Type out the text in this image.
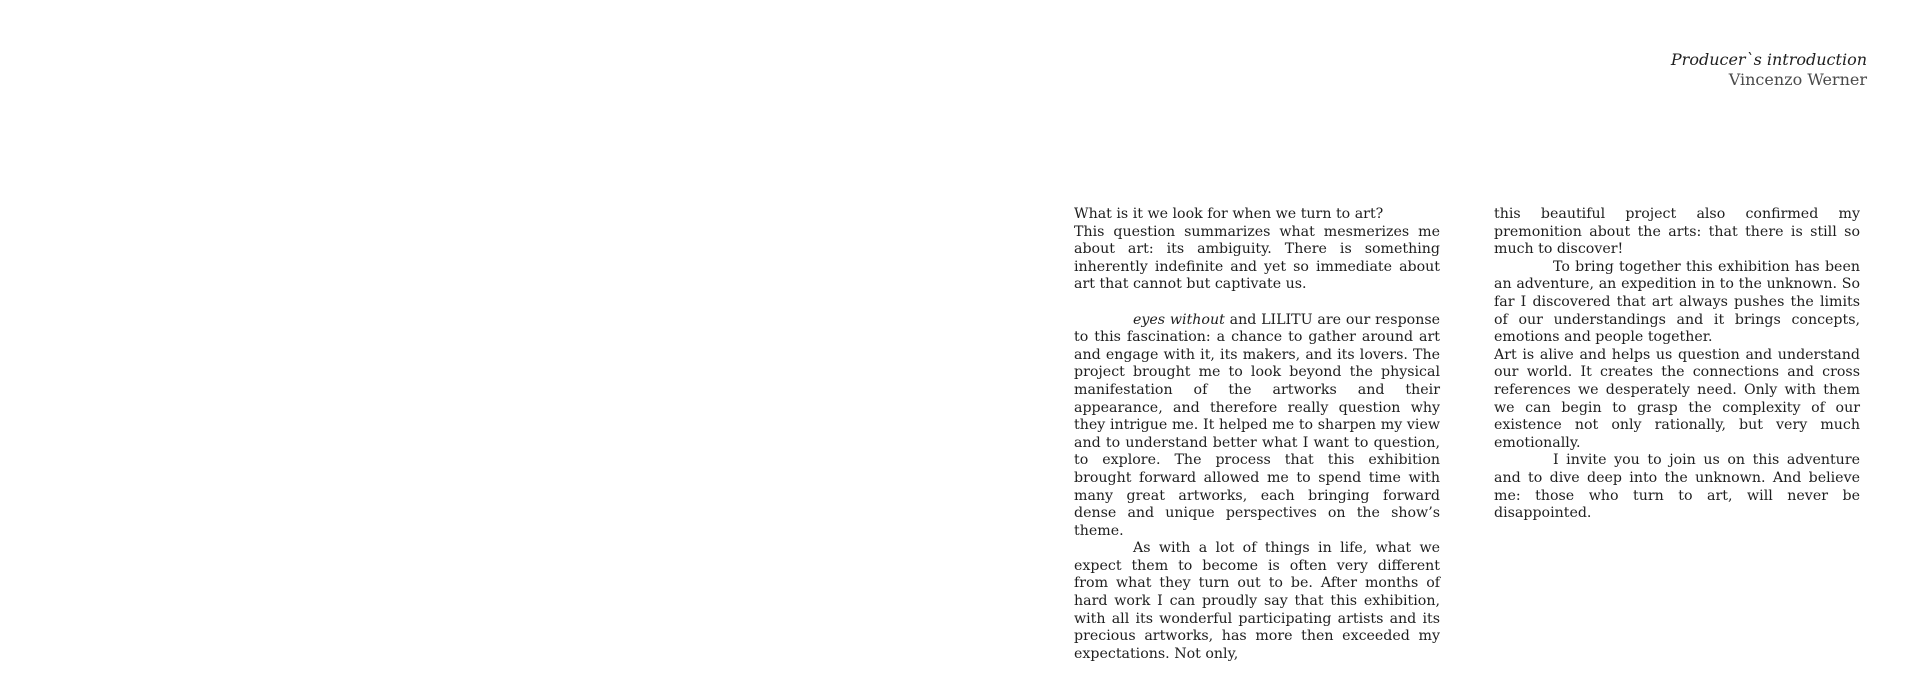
Producer`s introduction
Vincenzo Werner

What is it we look for when we turn to art?

This question summarizes what mesmerizes me about art: its ambiguity. There is something inherently indefinite and yet so immediate about art that cannot but captivate us.

eyes without and LILITU are our response to this fascination: a chance to gather around art and engage with it, its makers, and its lovers. The project brought me to look beyond the physical manifestation of the artworks and their appearance, and therefore really question why they intrigue me. It helped me to sharpen my view and to understand better what I want to question, to explore. The process that this exhibition brought forward allowed me to spend time with many great artworks, each bringing forward dense and unique perspectives on the show’s theme.

As with a lot of things in life, what we expect them to become is often very different from what they turn out to be. After months of hard work I can proudly say that this exhibition, with all its wonderful participating artists and its precious artworks, has more then exceeded my expectations. Not only,

this beautiful project also confirmed my premonition about the arts: that there is still so much to discover!

To bring together this exhibition has been an adventure, an expedition in to the unknown. So far I discovered that art always pushes the limits of our understandings and it brings concepts, emotions and people together.

Art is alive and helps us question and understand our world. It creates the connections and cross references we desperately need. Only with them we can begin to grasp the complexity of our existence not only rationally, but very much emotionally.

I invite you to join us on this adventure and to dive deep into the unknown. And believe me: those who turn to art, will never be disappointed.
